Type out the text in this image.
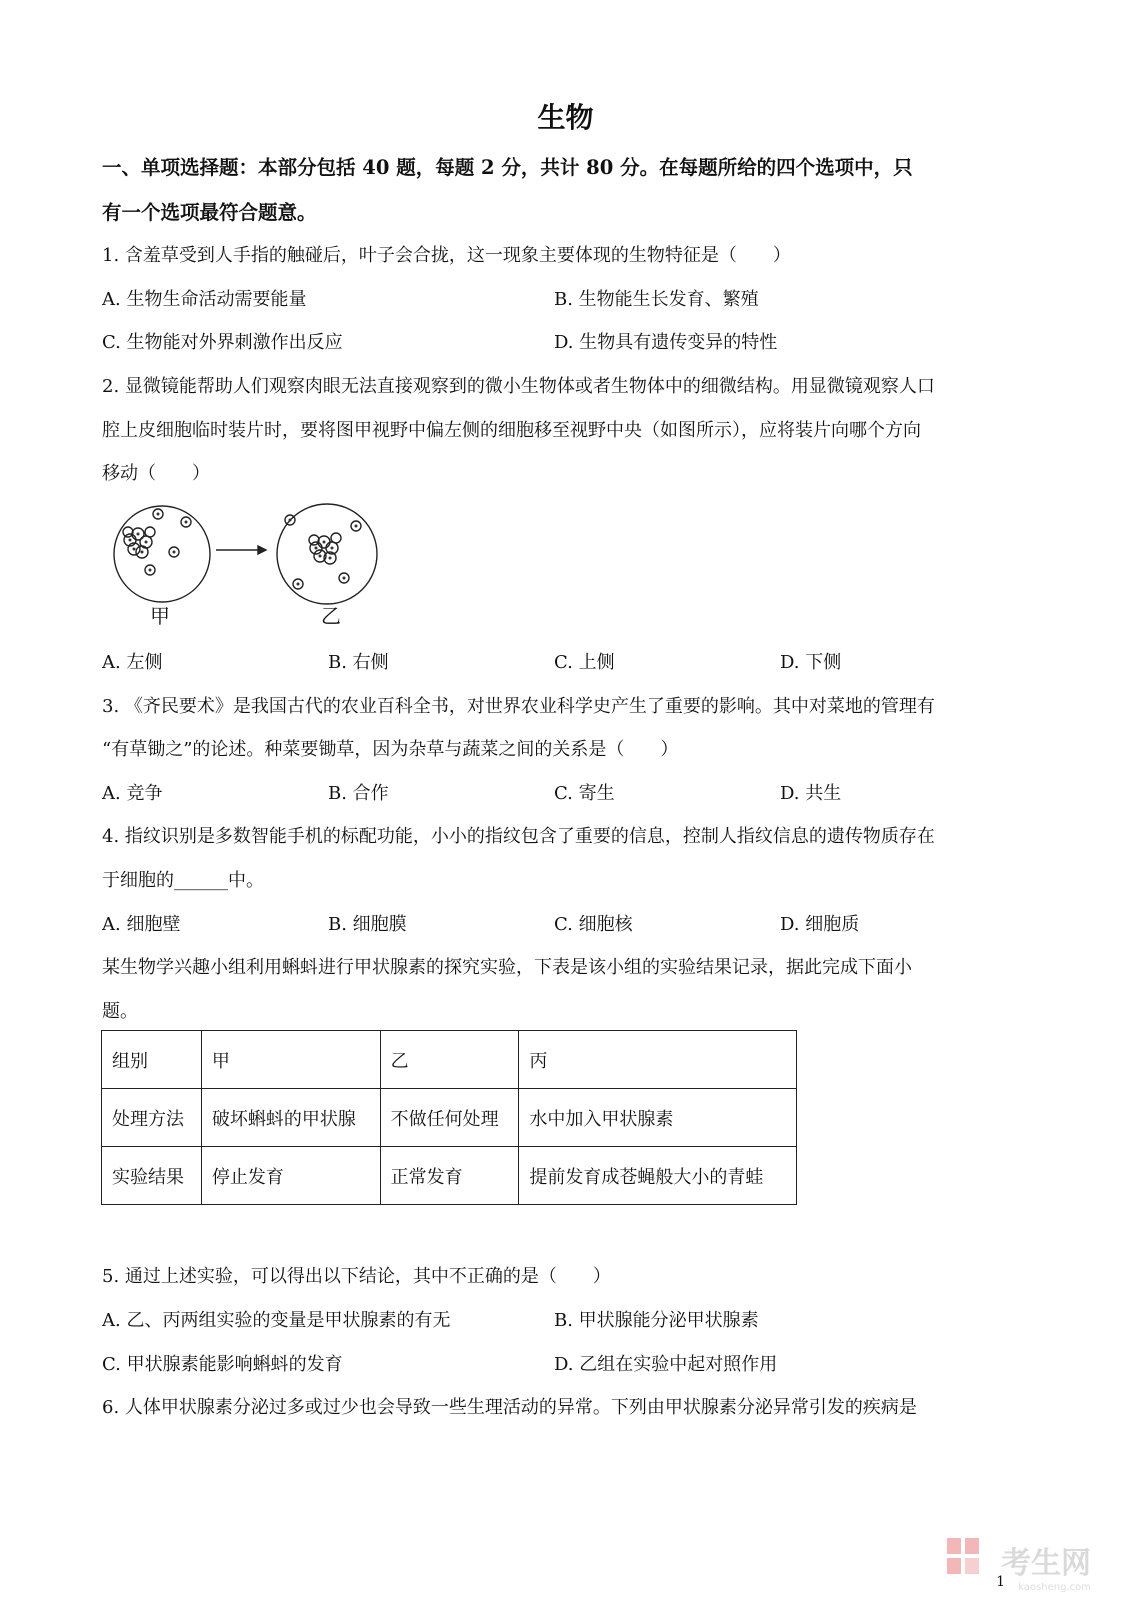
生物
一、单项选择题：本部分包括 40 题，每题 2 分，共计 80 分。在每题所给的四个选项中，只
有一个选项最符合题意。
1. 含羞草受到人手指的触碰后，叶子会合拢，这一现象主要体现的生物特征是（　　）
A. 生物生命活动需要能量	B. 生物能生长发育、繁殖
C. 生物能对外界刺激作出反应	D. 生物具有遗传变异的特性
2. 显微镜能帮助人们观察肉眼无法直接观察到的微小生物体或者生物体中的细微结构。用显微镜观察人口
腔上皮细胞临时装片时，要将图甲视野中偏左侧的细胞移至视野中央（如图所示），应将装片向哪个方向
移动（　　）
甲	乙
A. 左侧	B. 右侧	C. 上侧	D. 下侧
3. 《齐民要术》是我国古代的农业百科全书，对世界农业科学史产生了重要的影响。其中对菜地的管理有
“有草锄之”的论述。种菜要锄草，因为杂草与蔬菜之间的关系是（　　）
A. 竞争	B. 合作	C. 寄生	D. 共生
4. 指纹识别是多数智能手机的标配功能，小小的指纹包含了重要的信息，控制人指纹信息的遗传物质存在
于细胞的______中。
A. 细胞壁	B. 细胞膜	C. 细胞核	D. 细胞质
某生物学兴趣小组利用蝌蚪进行甲状腺素的探究实验，下表是该小组的实验结果记录，据此完成下面小
题。
组别	甲	乙	丙
处理方法	破坏蝌蚪的甲状腺	不做任何处理	水中加入甲状腺素
实验结果	停止发育	正常发育	提前发育成苍蝇般大小的青蛙
5. 通过上述实验，可以得出以下结论，其中不正确的是（　　）
A. 乙、丙两组实验的变量是甲状腺素的有无	B. 甲状腺能分泌甲状腺素
C. 甲状腺素能影响蝌蚪的发育	D. 乙组在实验中起对照作用
6. 人体甲状腺素分泌过多或过少也会导致一些生理活动的异常。下列由甲状腺素分泌异常引发的疾病是
考生网
kaosheng.com
1
